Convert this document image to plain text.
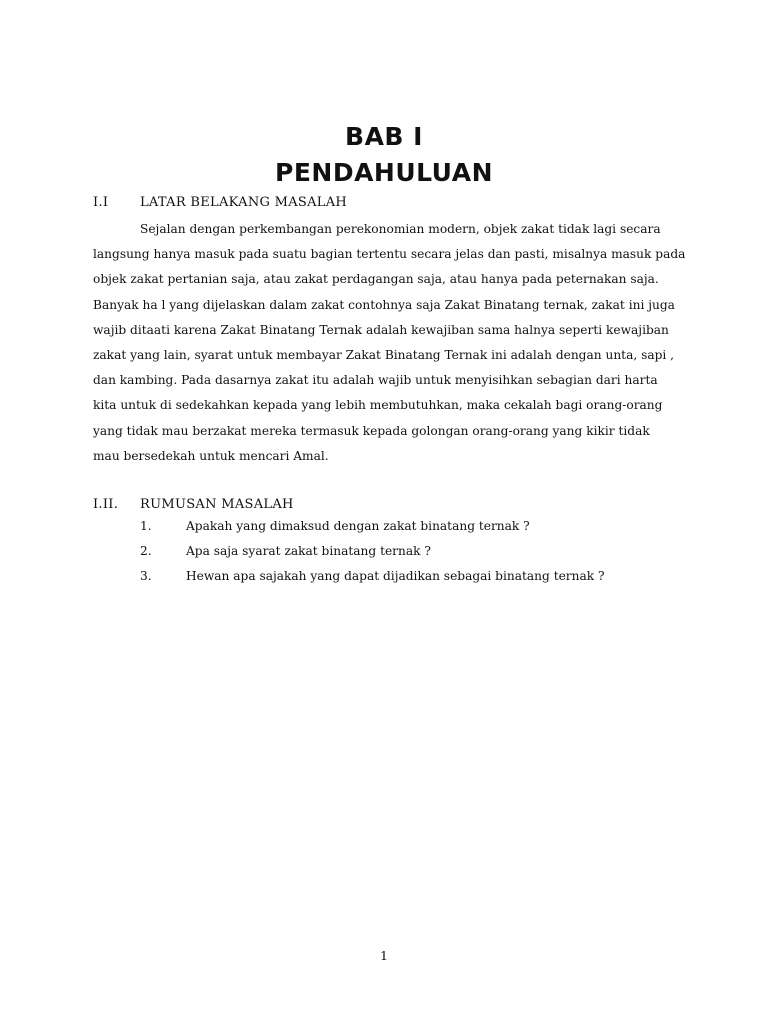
BAB I
PENDAHULUAN
I.I LATAR BELAKANG MASALAH
Sejalan dengan perkembangan perekonomian modern, objek zakat tidak lagi secara
langsung hanya masuk pada suatu bagian tertentu secara jelas dan pasti, misalnya masuk pada
objek zakat pertanian saja, atau zakat perdagangan saja, atau hanya pada peternakan saja.
Banyak ha l yang dijelaskan dalam zakat contohnya saja Zakat Binatang ternak, zakat ini juga
wajib ditaati karena Zakat Binatang Ternak adalah kewajiban sama halnya seperti kewajiban
zakat yang lain, syarat untuk membayar Zakat Binatang Ternak ini adalah dengan unta, sapi ,
dan kambing. Pada dasarnya zakat itu adalah wajib untuk menyisihkan sebagian dari harta
kita untuk di sedekahkan kepada yang lebih membutuhkan, maka cekalah bagi orang-orang
yang tidak mau berzakat mereka termasuk kepada golongan orang-orang yang kikir tidak
mau bersedekah untuk mencari Amal.
I.II. RUMUSAN MASALAH
1.	Apakah yang dimaksud dengan zakat binatang ternak ?
2.	Apa saja syarat zakat binatang ternak ?
3.	Hewan apa sajakah yang dapat dijadikan sebagai binatang ternak ?
1
